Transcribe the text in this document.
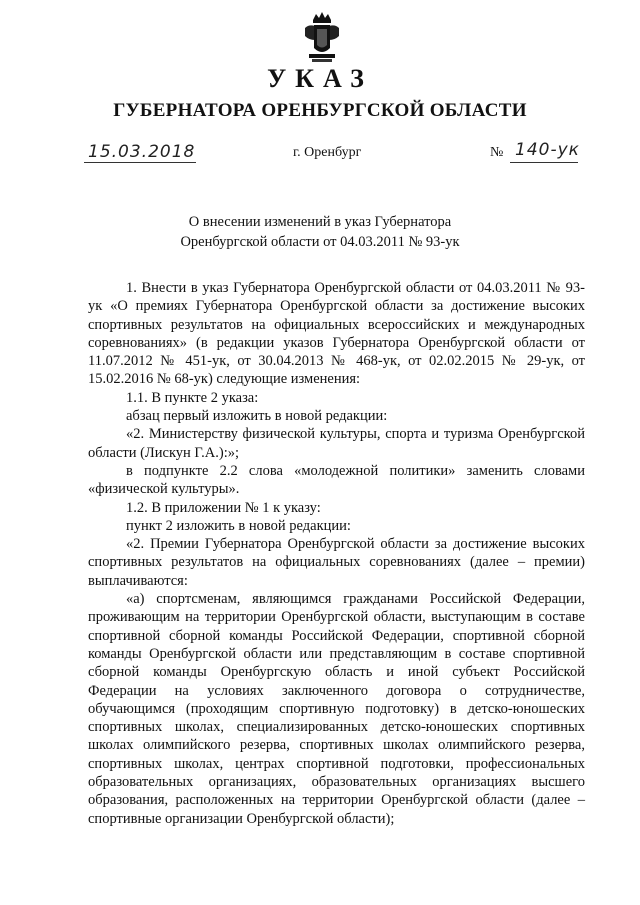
УКАЗ
ГУБЕРНАТОРА ОРЕНБУРГСКОЙ ОБЛАСТИ
15.03.2018	г. Оренбург	№ 140-ук
О внесении изменений в указ Губернатора
Оренбургской области от 04.03.2011 № 93-ук

1. Внести в указ Губернатора Оренбургской области от 04.03.2011 № 93-ук «О премиях Губернатора Оренбургской области за достижение высоких спортивных результатов на официальных всероссийских и международных соревнованиях» (в редакции указов Губернатора Оренбургской области от 11.07.2012 № 451-ук, от 30.04.2013 № 468-ук, от 02.02.2015 № 29-ук, от 15.02.2016 № 68-ук) следующие изменения:

1.1. В пункте 2 указа:

абзац первый изложить в новой редакции:

«2. Министерству физической культуры, спорта и туризма Оренбургской области (Лискун Г.А.):»;

в подпункте 2.2 слова «молодежной политики» заменить словами «физической культуры».

1.2. В приложении № 1 к указу:

пункт 2 изложить в новой редакции:

«2. Премии Губернатора Оренбургской области за достижение высоких спортивных результатов на официальных соревнованиях (далее – премии) выплачиваются:

«а) спортсменам, являющимся гражданами Российской Федерации, проживающим на территории Оренбургской области, выступающим в составе спортивной сборной команды Российской Федерации, спортивной сборной команды Оренбургской области или представляющим в составе спортивной сборной команды Оренбургскую область и иной субъект Российской Федерации на условиях заключенного договора о сотрудничестве, обучающимся (проходящим спортивную подготовку) в детско-юношеских спортивных школах, специализированных детско-юношеских спортивных школах олимпийского резерва, спортивных школах олимпийского резерва, спортивных школах, центрах спортивной подготовки, профессиональных образовательных организациях, образовательных организациях высшего образования, расположенных на территории Оренбургской области (далее – спортивные организации Оренбургской области);
